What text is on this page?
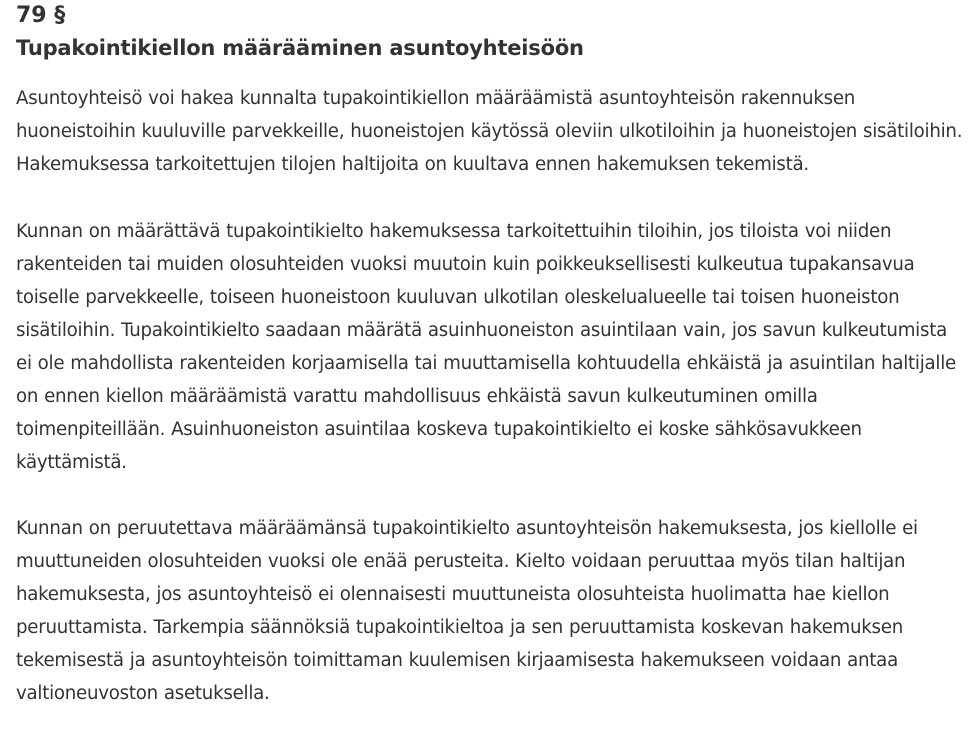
79 §
Tupakointikiellon määrääminen asuntoyhteisöön

Asuntoyhteisö voi hakea kunnalta tupakointikiellon määräämistä asuntoyhteisön rakennuksen huoneistoihin kuuluville parvekkeille, huoneistojen käytössä oleviin ulkotiloihin ja huoneistojen sisätiloihin. Hakemuksessa tarkoitettujen tilojen haltijoita on kuultava ennen hakemuksen tekemistä.

Kunnan on määrättävä tupakointikielto hakemuksessa tarkoitettuihin tiloihin, jos tiloista voi niiden rakenteiden tai muiden olosuhteiden vuoksi muutoin kuin poikkeuksellisesti kulkeutua tupakansavua toiselle parvekkeelle, toiseen huoneistoon kuuluvan ulkotilan oleskelualueelle tai toisen huoneiston sisätiloihin. Tupakointikielto saadaan määrätä asuinhuoneiston asuintilaan vain, jos savun kulkeutumista ei ole mahdollista rakenteiden korjaamisella tai muuttamisella kohtuudella ehkäistä ja asuintilan haltijalle on ennen kiellon määräämistä varattu mahdollisuus ehkäistä savun kulkeutuminen omilla toimenpiteillään. Asuinhuoneiston asuintilaa koskeva tupakointikielto ei koske sähkösavukkeen käyttämistä.

Kunnan on peruutettava määräämänsä tupakointikielto asuntoyhteisön hakemuksesta, jos kiellolle ei muuttuneiden olosuhteiden vuoksi ole enää perusteita. Kielto voidaan peruuttaa myös tilan haltijan hakemuksesta, jos asuntoyhteisö ei olennaisesti muuttuneista olosuhteista huolimatta hae kiellon peruuttamista. Tarkempia säännöksiä tupakointikieltoa ja sen peruuttamista koskevan hakemuksen tekemisestä ja asuntoyhteisön toimittaman kuulemisen kirjaamisesta hakemukseen voidaan antaa valtioneuvoston asetuksella.
